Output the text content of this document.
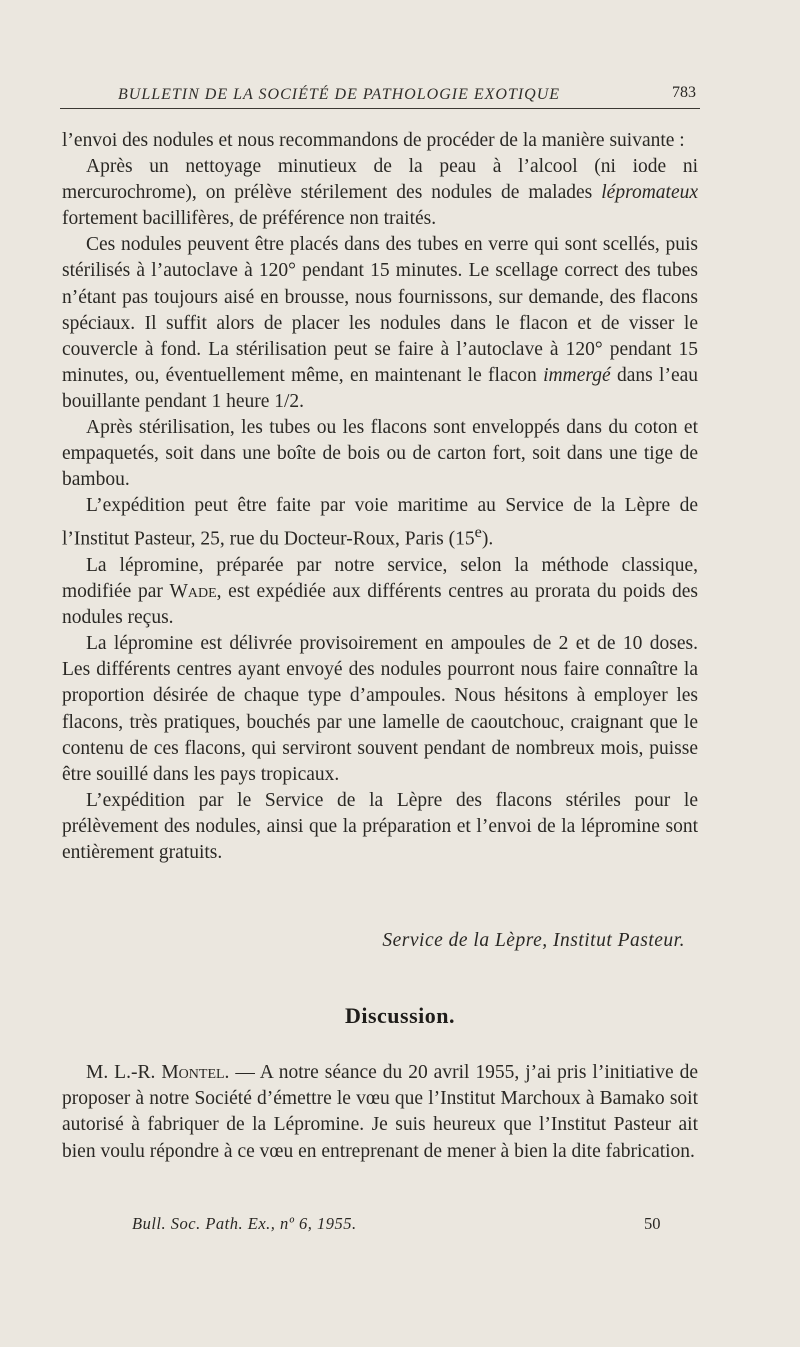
BULLETIN DE LA SOCIÉTÉ DE PATHOLOGIE EXOTIQUE	783

l’envoi des nodules et nous recommandons de procéder de la manière suivante :

Après un nettoyage minutieux de la peau à l’alcool (ni iode ni mercurochrome), on prélève stérilement des nodules de malades lépromateux fortement bacillifères, de préférence non traités.

Ces nodules peuvent être placés dans des tubes en verre qui sont scellés, puis stérilisés à l’autoclave à 120° pendant 15 minutes. Le scellage correct des tubes n’étant pas toujours aisé en brousse, nous fournissons, sur demande, des flacons spéciaux. Il suffit alors de placer les nodules dans le flacon et de visser le couvercle à fond. La stérilisation peut se faire à l’autoclave à 120° pendant 15 minutes, ou, éventuellement même, en maintenant le flacon immergé dans l’eau bouillante pendant 1 heure 1/2.

Après stérilisation, les tubes ou les flacons sont enveloppés dans du coton et empaquetés, soit dans une boîte de bois ou de carton fort, soit dans une tige de bambou.

L’expédition peut être faite par voie maritime au Service de la Lèpre de l’Institut Pasteur, 25, rue du Docteur-Roux, Paris (15e).

La lépromine, préparée par notre service, selon la méthode classique, modifiée par Wade, est expédiée aux différents centres au prorata du poids des nodules reçus.

La lépromine est délivrée provisoirement en ampoules de 2 et de 10 doses. Les différents centres ayant envoyé des nodules pourront nous faire connaître la proportion désirée de chaque type d’ampoules. Nous hésitons à employer les flacons, très pratiques, bouchés par une lamelle de caoutchouc, craignant que le contenu de ces flacons, qui serviront souvent pendant de nombreux mois, puisse être souillé dans les pays tropicaux.

L’expédition par le Service de la Lèpre des flacons stériles pour le prélèvement des nodules, ainsi que la préparation et l’envoi de la lépromine sont entièrement gratuits.

Service de la Lèpre, Institut Pasteur.
Discussion.

M. L.-R. Montel. — A notre séance du 20 avril 1955, j’ai pris l’initiative de proposer à notre Société d’émettre le vœu que l’Institut Marchoux à Bamako soit autorisé à fabriquer de la Lépromine. Je suis heureux que l’Institut Pasteur ait bien voulu répondre à ce vœu en entreprenant de mener à bien la dite fabrication.

Bull. Soc. Path. Ex., nº 6, 1955.	50
